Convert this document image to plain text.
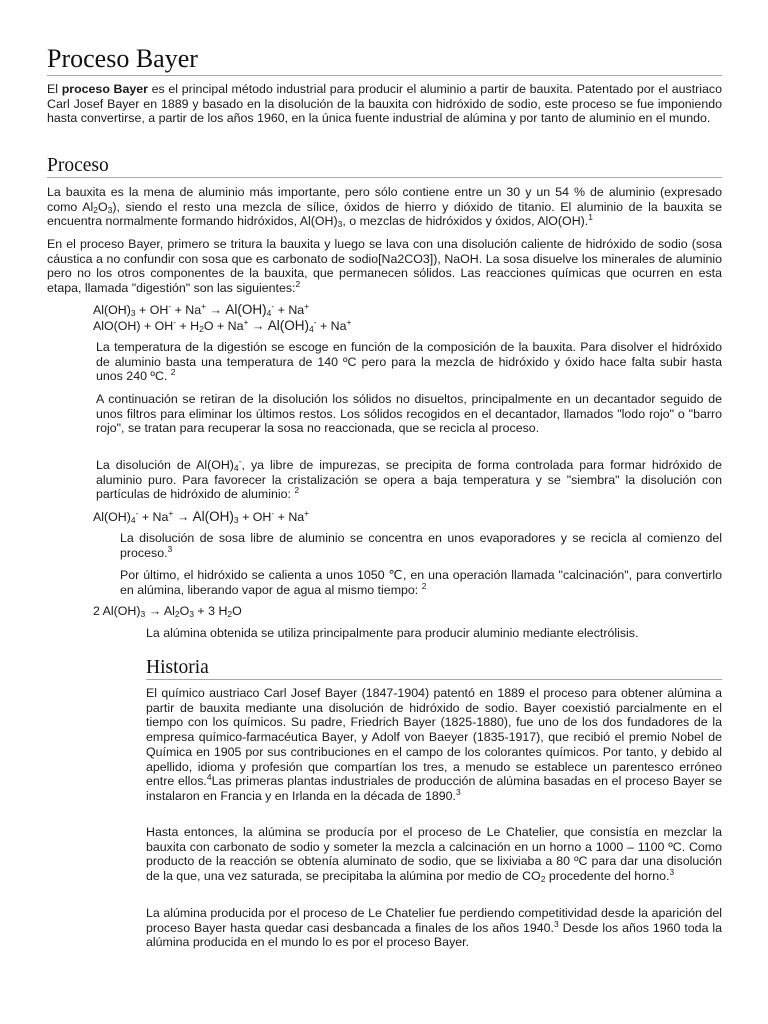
Proceso Bayer

El proceso Bayer es el principal método industrial para producir el aluminio a partir de bauxita. Patentado por el austriaco Carl Josef Bayer en 1889 y basado en la disolución de la bauxita con hidróxido de sodio, este proceso se fue imponiendo hasta convertirse, a partir de los años 1960, en la única fuente industrial de alúmina y por tanto de aluminio en el mundo.

Proceso

La bauxita es la mena de aluminio más importante, pero sólo contiene entre un 30 y un 54 % de aluminio (expresado como $Al_2O_3$), siendo el resto una mezcla de sílice, óxidos de hierro y dióxido de titanio. El aluminio de la bauxita se encuentra normalmente formando hidróxidos, $Al(OH)_3$, o mezclas de hidróxidos y óxidos, AlO(OH).$^1$

En el proceso Bayer, primero se tritura la bauxita y luego se lava con una disolución caliente de hidróxido de sodio (sosa cáustica a no confundir con sosa que es carbonato de sodio[Na2CO3]), NaOH. La sosa disuelve los minerales de aluminio pero no los otros componentes de la bauxita, que permanecen sólidos. Las reacciones químicas que ocurren en esta etapa, llamada "digestión" son las siguientes:$^2$

$Al(OH)_3 + OH^- + Na^+ \to Al(OH)_4^- + Na^+$
$AlO(OH) + OH^- + H_2O + Na^+ \to Al(OH)_4^- + Na^+$

La temperatura de la digestión se escoge en función de la composición de la bauxita. Para disolver el hidróxido de aluminio basta una temperatura de 140 ºC pero para la mezcla de hidróxido y óxido hace falta subir hasta unos 240 ºC. $^2$

A continuación se retiran de la disolución los sólidos no disueltos, principalmente en un decantador seguido de unos filtros para eliminar los últimos restos. Los sólidos recogidos en el decantador, llamados "lodo rojo" o "barro rojo", se tratan para recuperar la sosa no reaccionada, que se recicla al proceso.

La disolución de $Al(OH)_4^-$, ya libre de impurezas, se precipita de forma controlada para formar hidróxido de aluminio puro. Para favorecer la cristalización se opera a baja temperatura y se "siembra" la disolución con partículas de hidróxido de aluminio: $^2$

$Al(OH)_4^- + Na^+ \to Al(OH)_3 + OH^- + Na^+$

La disolución de sosa libre de aluminio se concentra en unos evaporadores y se recicla al comienzo del proceso.$^3$

Por último, el hidróxido se calienta a unos 1050 ℃, en una operación llamada "calcinación", para convertirlo en alúmina, liberando vapor de agua al mismo tiempo: $^2$

2 $Al(OH)_3 \to Al_2O_3 + 3$ $H_2O$

La alúmina obtenida se utiliza principalmente para producir aluminio mediante electrólisis.

Historia

El químico austriaco Carl Josef Bayer (1847-1904) patentó en 1889 el proceso para obtener alúmina a partir de bauxita mediante una disolución de hidróxido de sodio. Bayer coexistió parcialmente en el tiempo con los químicos. Su padre, Friedrich Bayer (1825-1880), fue uno de los dos fundadores de la empresa químico-farmacéutica Bayer, y Adolf von Baeyer (1835-1917), que recibió el premio Nobel de Química en 1905 por sus contribuciones en el campo de los colorantes químicos. Por tanto, y debido al apellido, idioma y profesión que compartían los tres, a menudo se establece un parentesco erróneo entre ellos.$^4$Las primeras plantas industriales de producción de alúmina basadas en el proceso Bayer se instalaron en Francia y en Irlanda en la década de 1890.$^3$

Hasta entonces, la alúmina se producía por el proceso de Le Chatelier, que consistía en mezclar la bauxita con carbonato de sodio y someter la mezcla a calcinación en un horno a 1000 – 1100 ºC. Como producto de la reacción se obtenía aluminato de sodio, que se lixiviaba a 80 ºC para dar una disolución de la que, una vez saturada, se precipitaba la alúmina por medio de $CO_2$ procedente del horno.$^3$

La alúmina producida por el proceso de Le Chatelier fue perdiendo competitividad desde la aparición del proceso Bayer hasta quedar casi desbancada a finales de los años 1940.$^3$ Desde los años 1960 toda la alúmina producida en el mundo lo es por el proceso Bayer.
